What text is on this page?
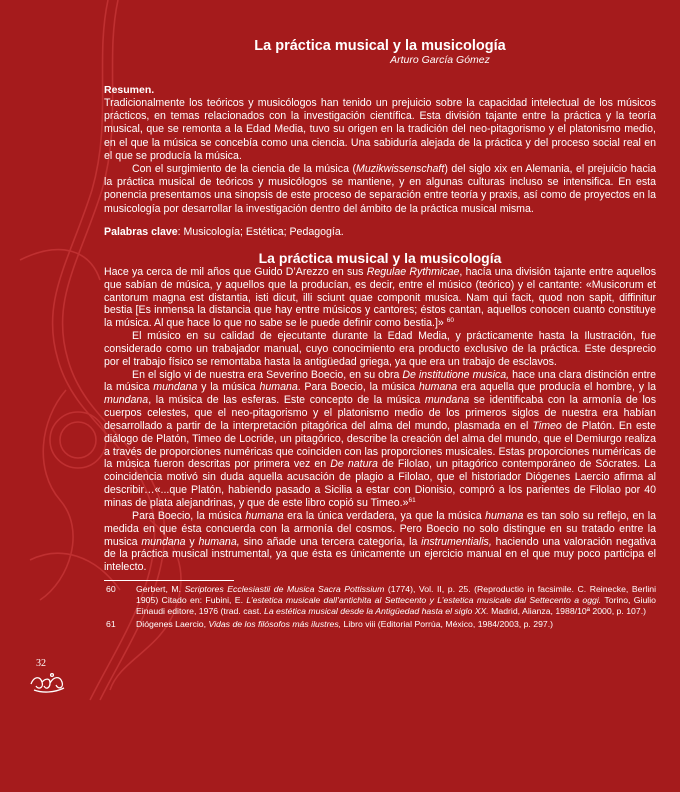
La práctica musical y la musicología
Arturo García Gómez
Resumen.

Tradicionalmente los teóricos y musicólogos han tenido un prejuicio sobre la capacidad intelectual de los músicos prácticos, en temas relacionados con la investigación científica. Esta división tajante entre la práctica y la teoría musical, que se remonta a la Edad Media, tuvo su origen en la tradición del neo-pitagorismo y el platonismo medio, en el que la música se concebía como una ciencia. Una sabiduría alejada de la práctica y del proceso social real en el que se producía la música.

Con el surgimiento de la ciencia de la música (Muzikwissenschaft) del siglo xix en Alemania, el prejuicio hacia la práctica musical de teóricos y musicólogos se mantiene, y en algunas culturas incluso se intensifica. En esta ponencia presentamos una sinopsis de este proceso de separación entre teoría y praxis, así como de proyectos en la musicología por desarrollar la investigación dentro del ámbito de la práctica musical misma.

Palabras clave: Musicología; Estética; Pedagogía.
La práctica musical y la musicología

Hace ya cerca de mil años que Guido D’Arezzo en sus Regulae Rythmicae, hacía una división tajante entre aquellos que sabían de música, y aquellos que la producían, es decir, entre el músico (teórico) y el cantante: «Musicorum et cantorum magna est distantia, isti dicut, illi sciunt quae componit musica. Nam qui facit, quod non sapit, diffinitur bestia [Es inmensa la distancia que hay entre músicos y cantores; éstos cantan, aquellos conocen cuanto constituye la música. Al que hace lo que no sabe se le puede definir como bestia.]» $^{60}$

El músico en su calidad de ejecutante durante la Edad Media, y prácticamente hasta la Ilustración, fue considerado como un trabajador manual, cuyo conocimiento era producto exclusivo de la práctica. Este desprecio por el trabajo físico se remontaba hasta la antigüedad griega, ya que era un trabajo de esclavos.

En el siglo vi de nuestra era Severino Boecio, en su obra De institutione musica, hace una clara distinción entre la música mundana y la música humana. Para Boecio, la música humana era aquella que producía el hombre, y la mundana, la música de las esferas. Este concepto de la música mundana se identificaba con la armonía de los cuerpos celestes, que el neo-pitagorismo y el platonismo medio de los primeros siglos de nuestra era habían desarrollado a partir de la interpretación pitagórica del alma del mundo, plasmada en el Timeo de Platón. En este diálogo de Platón, Timeo de Locride, un pitagórico, describe la creación del alma del mundo, que el Demiurgo realiza a través de proporciones numéricas que coinciden con las proporciones musicales. Estas proporciones numéricas de la música fueron descritas por primera vez en De natura de Filolao, un pitagórico contemporáneo de Sócrates. La coincidencia motivó sin duda aquella acusación de plagio a Filolao, que el historiador Diógenes Laercio afirma al describir…«...que Platón, habiendo pasado a Sicilia a estar con Dionisio, compró a los parientes de Filolao por 40 minas de plata alejandrinas, y que de este libro copió su Timeo.»$^{61}$

Para Boecio, la música humana era la única verdadera, ya que la música humana es tan solo su reflejo, en la medida en que ésta concuerda con la armonía del cosmos. Pero Boecio no solo distingue en su tratado entre la musica mundana y humana, sino añade una tercera categoría, la instrumentialis, haciendo una valoración negativa de la práctica musical instrumental, ya que ésta es únicamente un ejercicio manual en el que muy poco participa el intelecto.

60	Gerbert, M. Scriptores Ecclesiastii de Musica Sacra Pottissium (1774), Vol. II, p. 25. (Reproductio in facsimile. C. Reinecke, Berlini 1905) Citado en: Fubini, E. L’estetica musicale dall’antichita al Settecento y L’estetica musicale dal Settecento a oggi. Torino, Giulio Einaudi editore, 1976 (trad. cast. La estética musical desde la Antigüedad hasta el siglo XX. Madrid, Alianza, 1988/10ª 2000, p. 107.)
61	Diógenes Laercio, Vidas de los filósofos más ilustres, Libro viii (Editorial Porrúa, México, 1984/2003, p. 297.)
32
